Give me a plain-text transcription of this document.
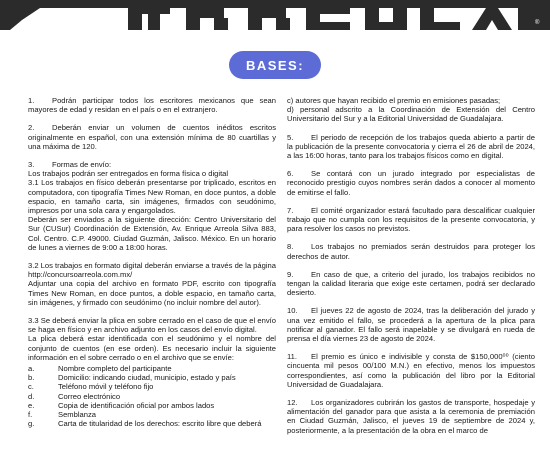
®
BASES:

1. Podrán participar todos los escritores mexicanos que sean mayores de edad y residan en el país o en el extranjero.

2. Deberán enviar un volumen de cuentos inéditos escritos originalmente en español, con una extensión mínima de 80 cuartillas y una máxima de 120.

3. Formas de envío:
Los trabajos podrán ser entregados en forma física o digital
3.1 Los trabajos en físico deberán presentarse por triplicado, escritos en computadora, con tipografía Times New Roman, en doce puntos, a doble espacio, en tamaño carta, sin imágenes, firmados con seudónimo, impresos por una sola cara y engargolados.
Deberán ser enviados a la siguiente dirección: Centro Universitario del Sur (CUSur) Coordinación de Extensión, Av. Enrique Arreola Silva 883, Col. Centro. C.P. 49000. Ciudad Guzmán, Jalisco. México. En un horario de lunes a viernes de 9:00 a 18:00 horas.

3.2 Los trabajos en formato digital deberán enviarse a través de la página http://concursoarreola.com.mx/
Adjuntar una copia del archivo en formato PDF, escrito con tipografía Times New Roman, en doce puntos, a doble espacio, en tamaño carta, sin imágenes, y firmado con seudónimo (no incluir nombre del autor).

3.3 Se deberá enviar la plica en sobre cerrado en el caso de que el envío se haga en físico y en archivo adjunto en los casos del envío digital.
La plica deberá estar identificada con el seudónimo y el nombre del conjunto de cuentos (en ese orden). Es necesario incluir la siguiente información en el sobre cerrado o en el archivo que se envíe:

a.	Nombre completo del participante
b.	Domicilio: indicando ciudad, municipio, estado y país
c.	Teléfono móvil y teléfono fijo
d.	Correo electrónico
e.	Copia de identificación oficial por ambos lados
f.	Semblanza
g.	Carta de titularidad de los derechos: escrito libre que deberá

c) autores que hayan recibido el premio en emisiones pasadas;
d) personal adscrito a la Coordinación de Extensión del Centro Universitario del Sur y a la Editorial Universidad de Guadalajara.

5. El periodo de recepción de los trabajos queda abierto a partir de la publicación de la presente convocatoria y cierra el 26 de abril de 2024, a las 16:00 horas, tanto para los trabajos físicos como en digital.

6. Se contará con un jurado integrado por especialistas de reconocido prestigio cuyos nombres serán dados a conocer al momento de emitirse el fallo.

7. El comité organizador estará facultado para descalificar cualquier trabajo que no cumpla con los requisitos de la presente convocatoria, y para resolver los casos no previstos.

8. Los trabajos no premiados serán destruidos para proteger los derechos de autor.

9. En caso de que, a criterio del jurado, los trabajos recibidos no tengan la calidad literaria que exige este certamen, podrá ser declarado desierto.

10. El jueves 22 de agosto de 2024, tras la deliberación del jurado y una vez emitido el fallo, se procederá a la apertura de la plica para notificar al ganador. El fallo será inapelable y se divulgará en rueda de prensa el día viernes 23 de agosto de 2024.

11. El premio es único e indivisible y consta de $150,000⁰⁰ (ciento cincuenta mil pesos 00/100 M.N.) en efectivo, menos los impuestos correspondientes, así como la publicación del libro por la Editorial Universidad de Guadalajara.

12. Los organizadores cubrirán los gastos de transporte, hospedaje y alimentación del ganador para que asista a la ceremonia de premiación en Ciudad Guzmán, Jalisco, el jueves 19 de septiembre de 2024 y, posteriormente, a la presentación de la obra en el marco de
